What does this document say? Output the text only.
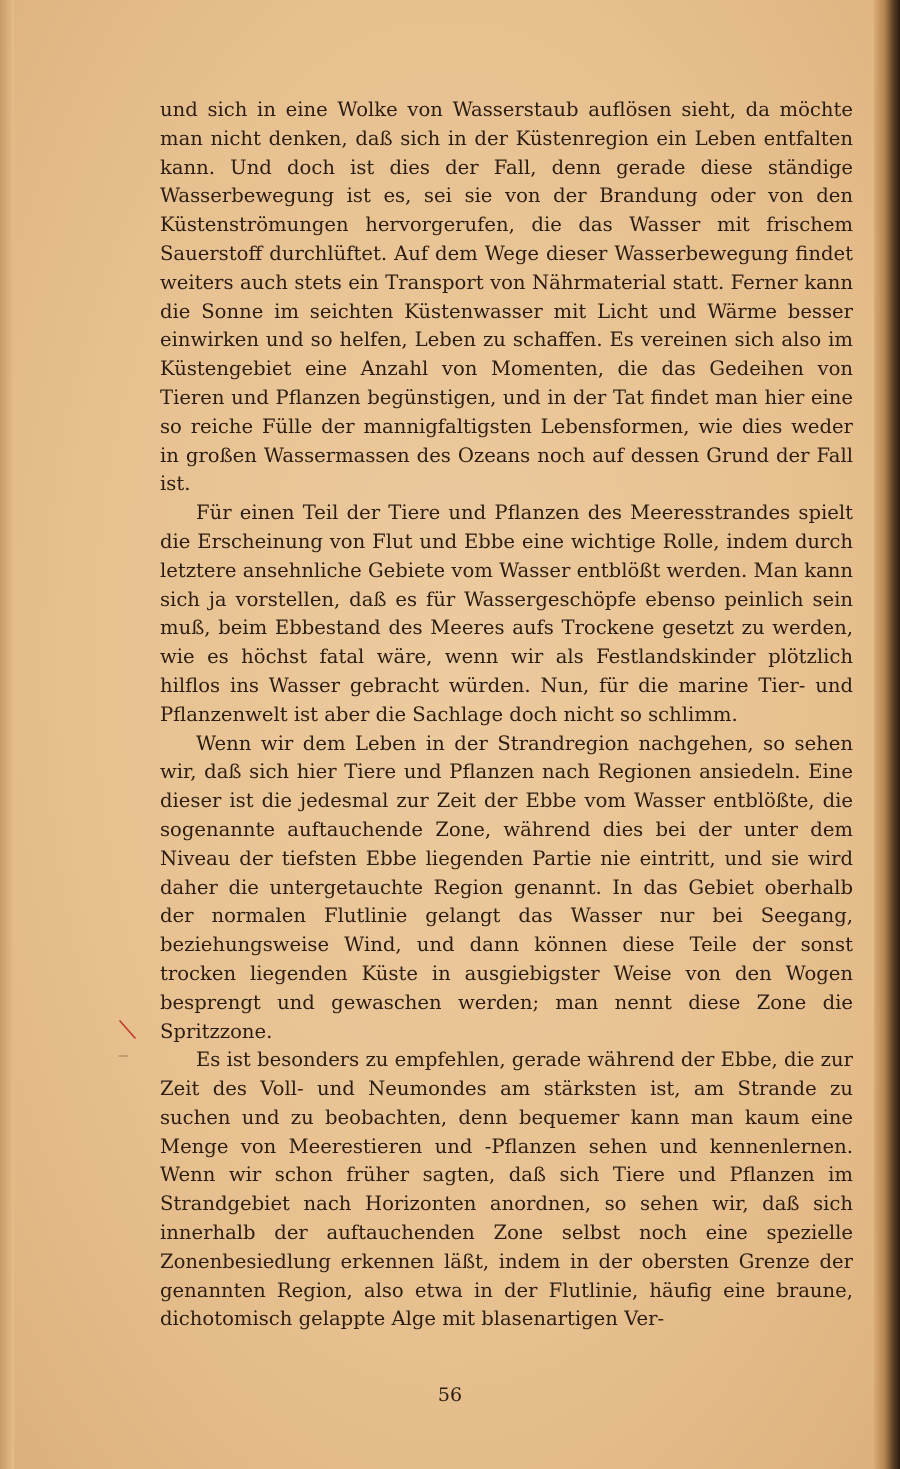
und sich in eine Wolke von Wasserstaub auflösen sieht, da möchte man nicht denken, daß sich in der Küstenregion ein Leben entfalten kann. Und doch ist dies der Fall, denn gerade diese ständige Wasserbewegung ist es, sei sie von der Brandung oder von den Küstenströmungen hervorgerufen, die das Wasser mit frischem Sauerstoff durchlüftet. Auf dem Wege dieser Wasserbewegung findet weiters auch stets ein Transport von Nährmaterial statt. Ferner kann die Sonne im seichten Küstenwasser mit Licht und Wärme besser einwirken und so helfen, Leben zu schaffen. Es vereinen sich also im Küstengebiet eine Anzahl von Momenten, die das Gedeihen von Tieren und Pflanzen begünstigen, und in der Tat findet man hier eine so reiche Fülle der mannigfaltigsten Lebensformen, wie dies weder in großen Wassermassen des Ozeans noch auf dessen Grund der Fall ist.

Für einen Teil der Tiere und Pflanzen des Meeresstrandes spielt die Erscheinung von Flut und Ebbe eine wichtige Rolle, indem durch letztere ansehnliche Gebiete vom Wasser entblößt werden. Man kann sich ja vorstellen, daß es für Wassergeschöpfe ebenso peinlich sein muß, beim Ebbestand des Meeres aufs Trockene gesetzt zu werden, wie es höchst fatal wäre, wenn wir als Festlandskinder plötzlich hilflos ins Wasser gebracht würden. Nun, für die marine Tier- und Pflanzenwelt ist aber die Sachlage doch nicht so schlimm.

Wenn wir dem Leben in der Strandregion nachgehen, so sehen wir, daß sich hier Tiere und Pflanzen nach Regionen ansiedeln. Eine dieser ist die jedesmal zur Zeit der Ebbe vom Wasser entblößte, die sogenannte auftauchende Zone, während dies bei der unter dem Niveau der tiefsten Ebbe liegenden Partie nie eintritt, und sie wird daher die untergetauchte Region genannt. In das Gebiet oberhalb der normalen Flutlinie gelangt das Wasser nur bei Seegang, beziehungsweise Wind, und dann können diese Teile der sonst trocken liegenden Küste in ausgiebigster Weise von den Wogen besprengt und gewaschen werden; man nennt diese Zone die Spritzzone.

Es ist besonders zu empfehlen, gerade während der Ebbe, die zur Zeit des Voll- und Neumondes am stärksten ist, am Strande zu suchen und zu beobachten, denn bequemer kann man kaum eine Menge von Meerestieren und -Pflanzen sehen und kennenlernen. Wenn wir schon früher sagten, daß sich Tiere und Pflanzen im Strandgebiet nach Horizonten anordnen, so sehen wir, daß sich innerhalb der auftauchenden Zone selbst noch eine spezielle Zonenbesiedlung erkennen läßt, indem in der obersten Grenze der genannten Region, also etwa in der Flutlinie, häufig eine braune, dichotomisch gelappte Alge mit blasenartigen Ver-

56
